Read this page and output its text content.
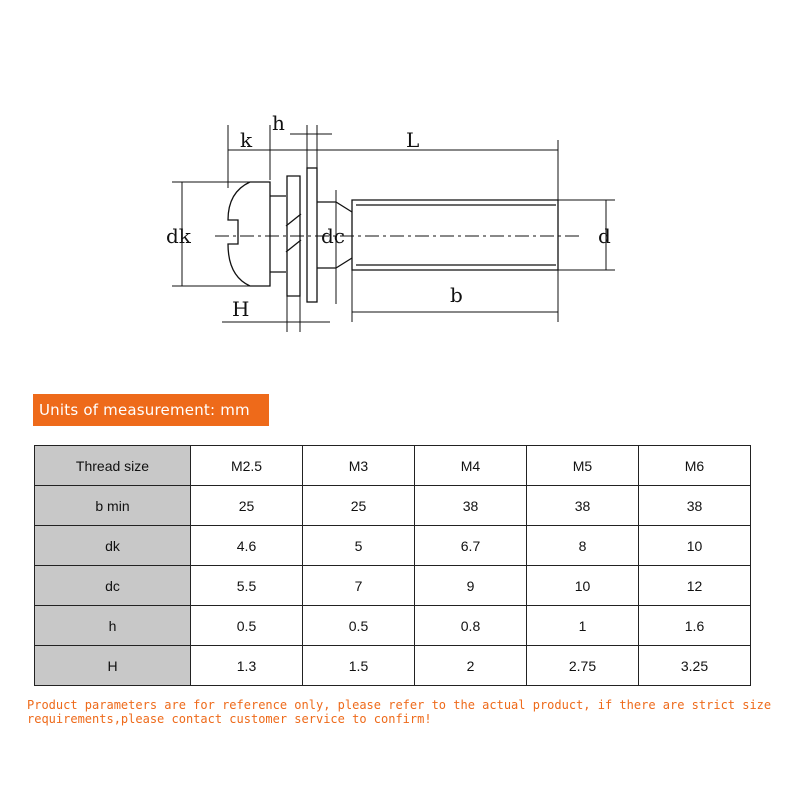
k
h
L
dk	dc	d
H
b
Units of measurement: mm
Thread size	M2.5	M3	M4	M5	M6
b min	25	25	38	38	38
dk	4.6	5	6.7	8	10
dc	5.5	7	9	10	12
h	0.5	0.5	0.8	1	1.6
H	1.3	1.5	2	2.75	3.25
Product parameters are for reference only, please refer to the actual product, if there are strict size requirements,please contact customer service to confirm!
